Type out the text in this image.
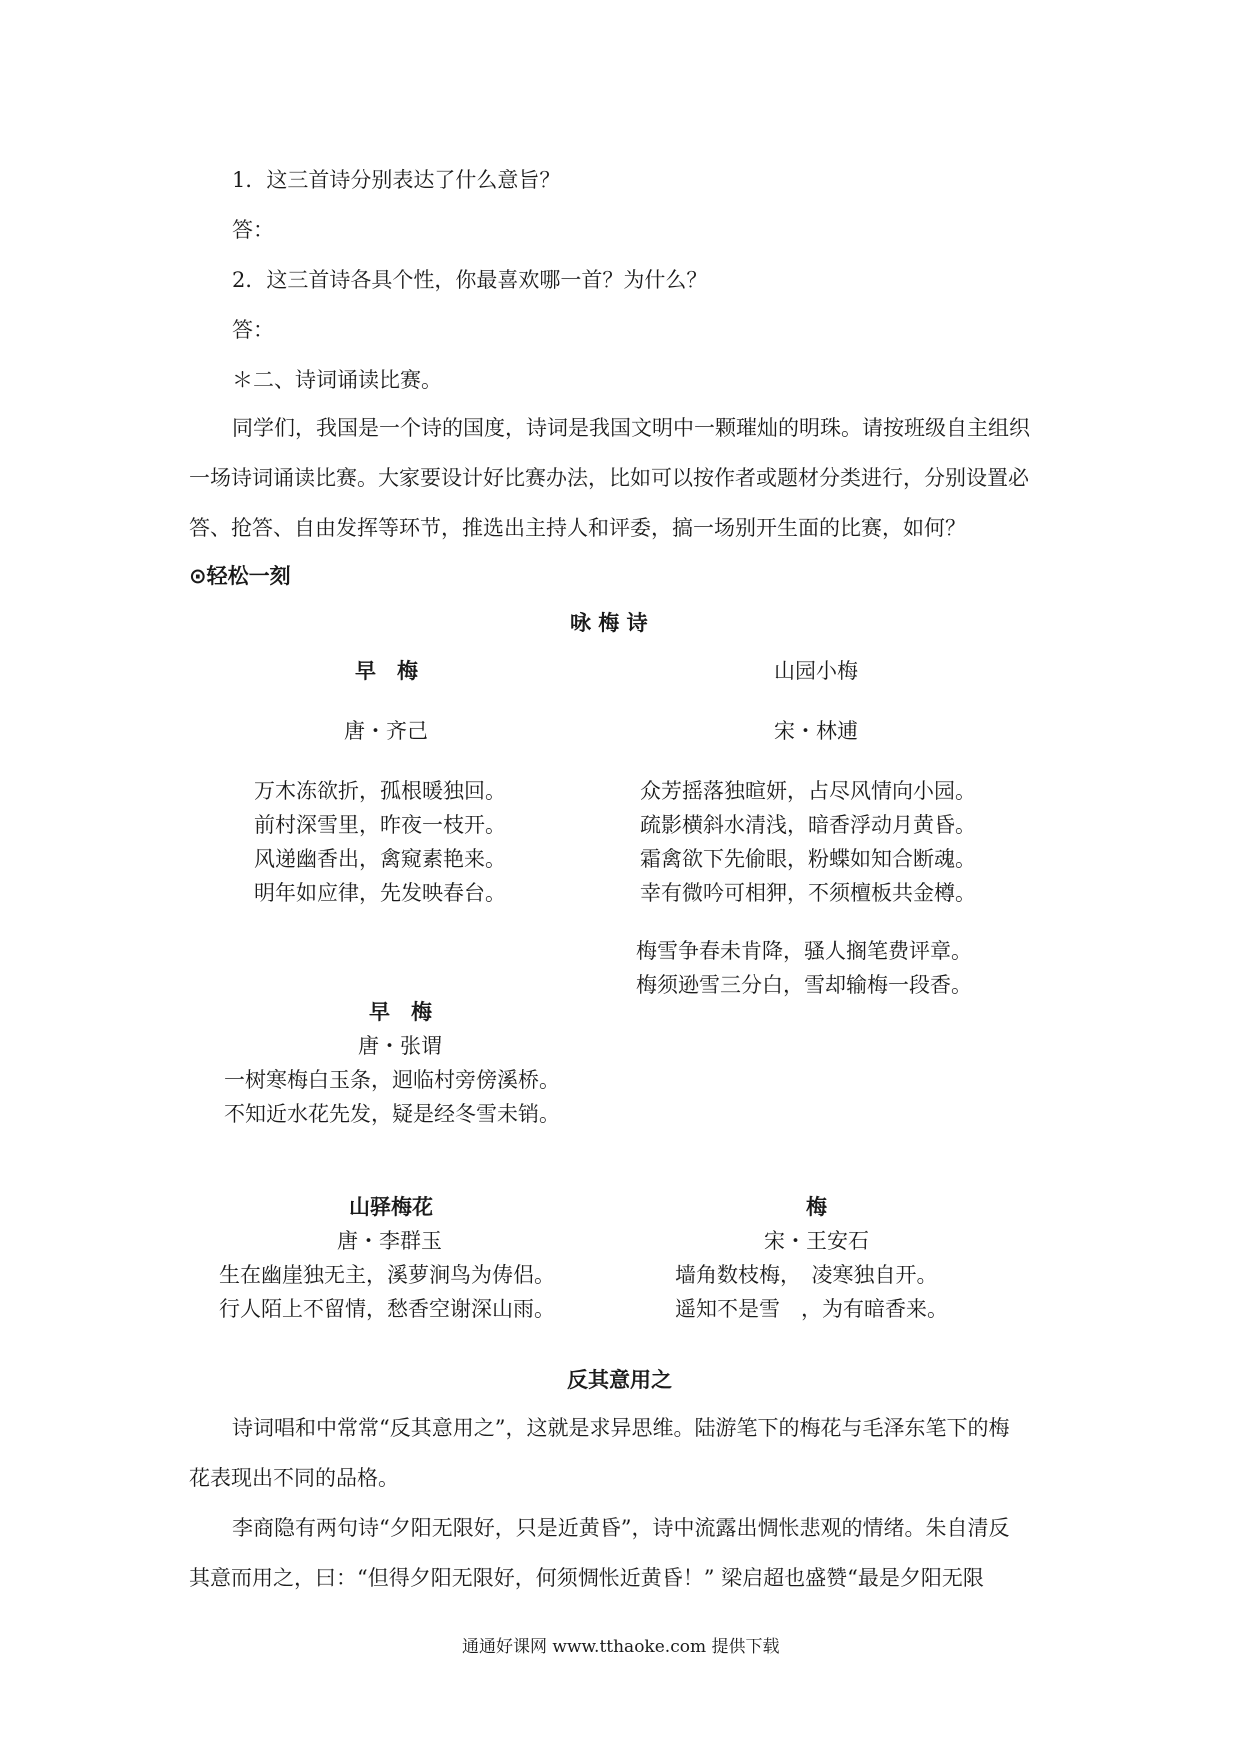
1．这三首诗分别表达了什么意旨？
答：
2．这三首诗各具个性，你最喜欢哪一首？为什么？
答：
＊二、诗词诵读比赛。
同学们，我国是一个诗的国度，诗词是我国文明中一颗璀灿的明珠。请按班级自主组织
一场诗词诵读比赛。大家要设计好比赛办法，比如可以按作者或题材分类进行，分别设置必
答、抢答、自由发挥等环节，推选出主持人和评委，搞一场别开生面的比赛，如何？
⊙轻松一刻
咏 梅 诗
早　梅
唐・齐己
万木冻欲折，孤根暖独回。
前村深雪里，昨夜一枝开。
风递幽香出，禽窥素艳来。
明年如应律，先发映春台。
山园小梅
宋・林逋
众芳摇落独暄妍，占尽风情向小园。
疏影横斜水清浅，暗香浮动月黄昏。
霜禽欲下先偷眼，粉蝶如知合断魂。
幸有微吟可相狎，不须檀板共金樽。
梅雪争春未肯降，骚人搁笔费评章。
梅须逊雪三分白，雪却输梅一段香。
早　梅
唐・张谓
一树寒梅白玉条，迥临村旁傍溪桥。
不知近水花先发，疑是经冬雪未销。
山驿梅花
唐・李群玉
生在幽崖独无主，溪萝涧鸟为俦侣。
行人陌上不留情，愁香空谢深山雨。
梅
宋・王安石
墙角数枝梅，　凌寒独自开。
遥知不是雪　，为有暗香来。
反其意用之
诗词唱和中常常“反其意用之”，这就是求异思维。陆游笔下的梅花与毛泽东笔下的梅
花表现出不同的品格。
李商隐有两句诗“夕阳无限好，只是近黄昏”，诗中流露出惆怅悲观的情绪。朱自清反
其意而用之，曰：“但得夕阳无限好，何须惆怅近黄昏！” 梁启超也盛赞“最是夕阳无限
通通好课网 www.tthaoke.com 提供下载
